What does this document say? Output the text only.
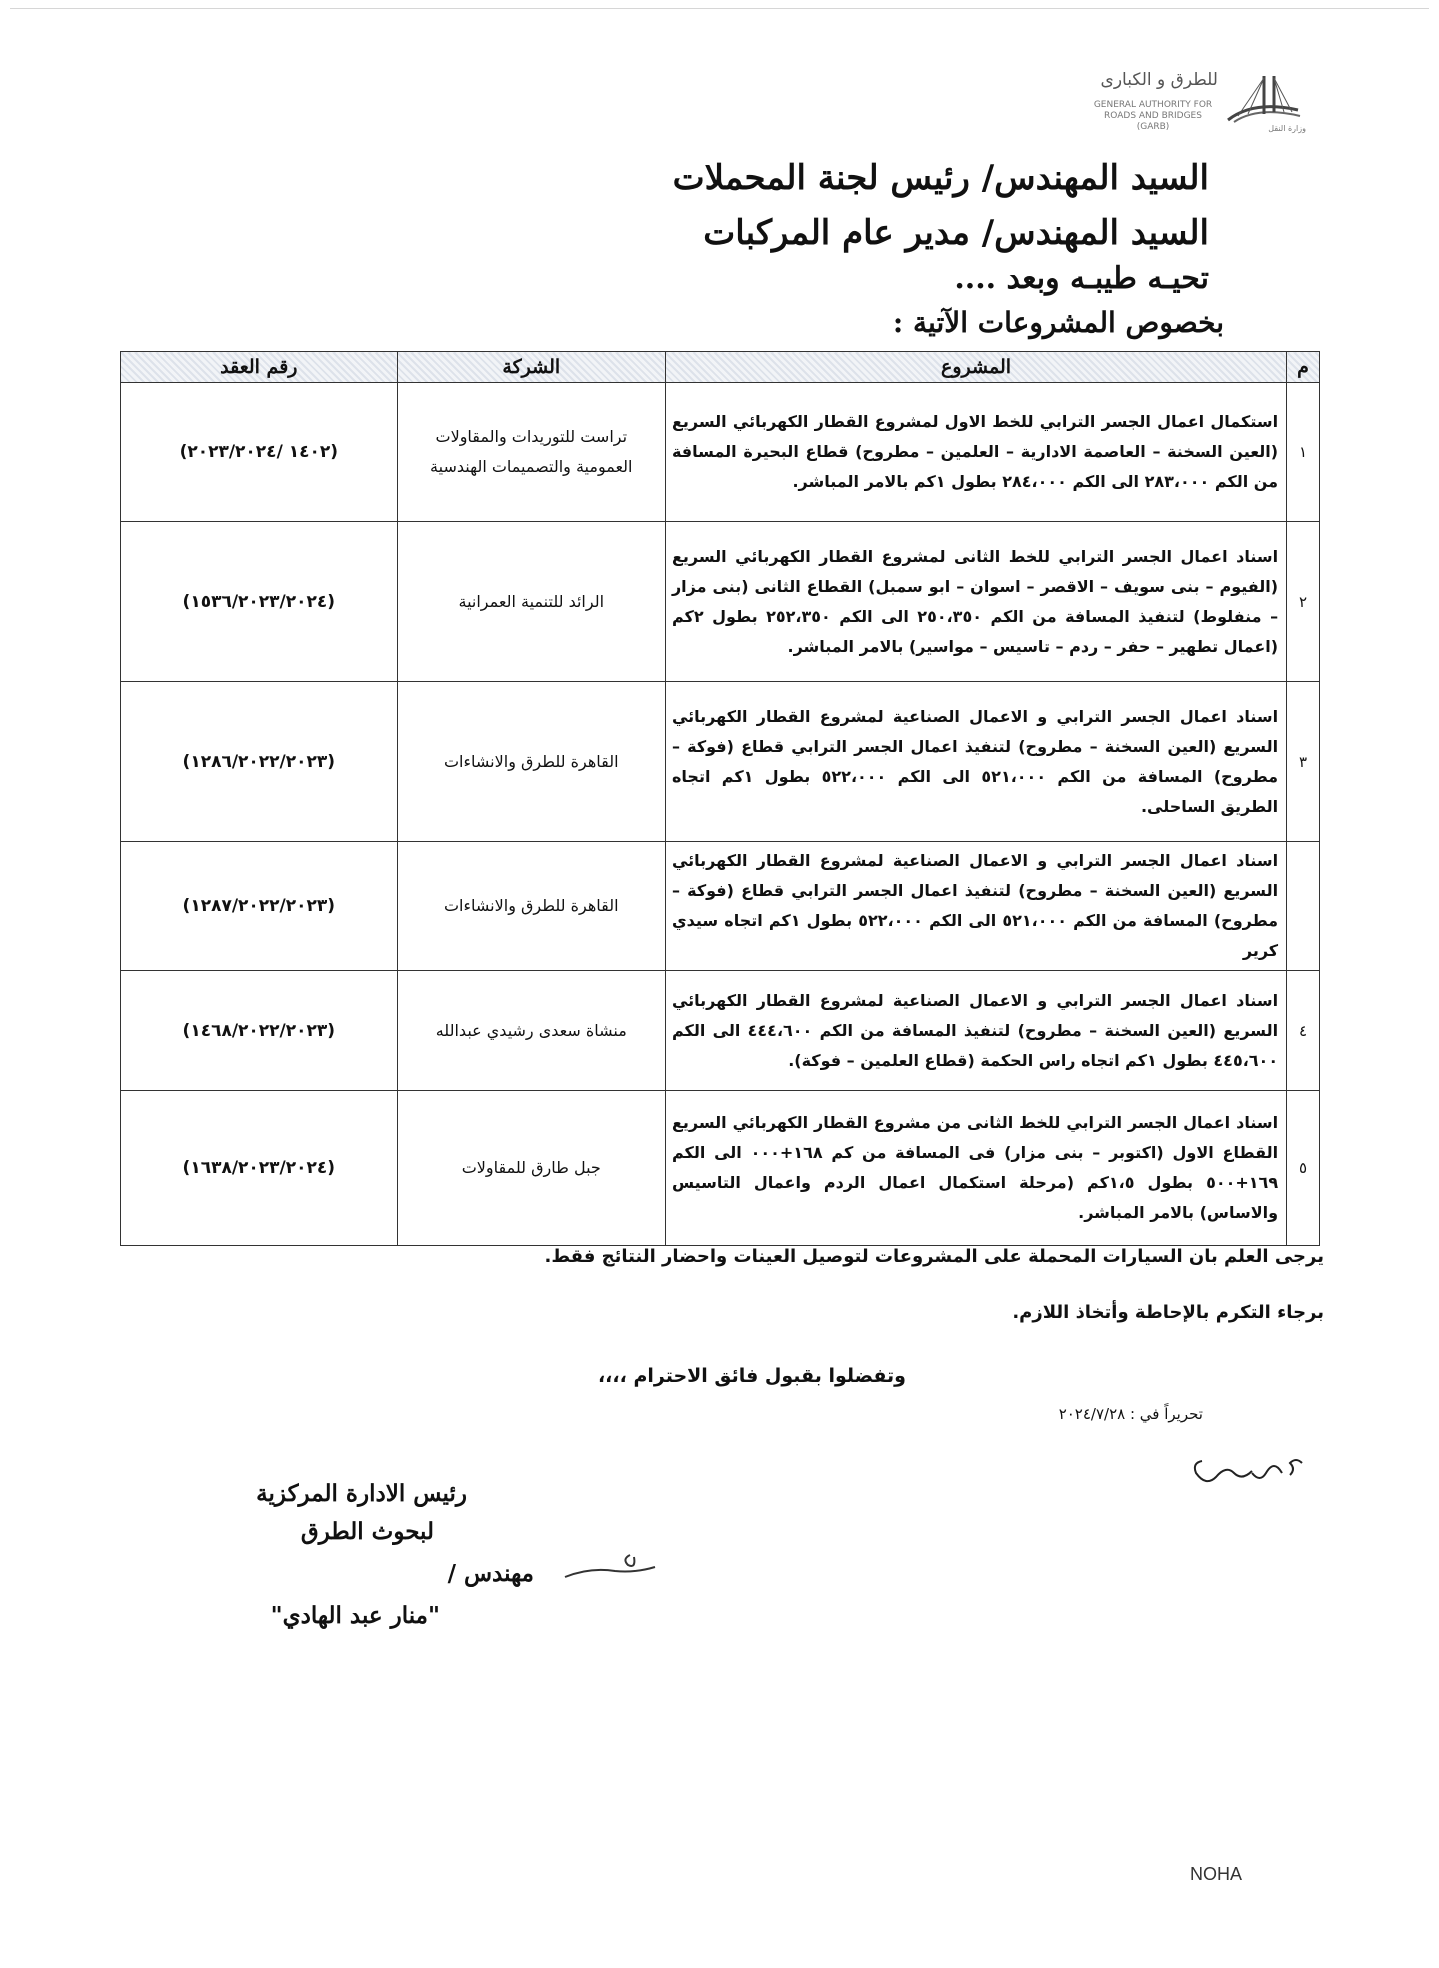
للطرق و الكبارى
GENERAL AUTHORITY FOR ROADS AND BRIDGES (GARB)	وزارة النقل
السيد المهندس/ رئيس لجنة المحملات
السيد المهندس/ مدير عام المركبات
تحيـه طيبـه وبعد ....
بخصوص المشروعات الآتية :
م	المشروع	الشركة	رقم العقد
١	استكمال اعمال الجسر الترابي للخط الاول لمشروع القطار الكهربائي السريع (العين السخنة – العاصمة الادارية – العلمين – مطروح) قطاع البحيرة المسافة من الكم ٢٨٣،٠٠٠ الى الكم ٢٨٤،٠٠٠ بطول ١كم بالامر المباشر.	تراست للتوريدات والمقاولات العمومية والتصميمات الهندسية	(١٤٠٢ /٢٠٢٣/٢٠٢٤)

٢	اسناد اعمال الجسر الترابي للخط الثانى لمشروع القطار الكهربائي السريع (الفيوم – بنى سويف – الاقصر – اسوان – ابو سمبل) القطاع الثانى (بنى مزار – منفلوط) لتنفيذ المسافة من الكم ٢٥٠،٣٥٠ الى الكم ٢٥٢،٣٥٠ بطول ٢كم (اعمال تطهير – حفر – ردم – تاسيس – مواسير) بالامر المباشر.	الرائد للتنمية العمرانية	(١٥٣٦/٢٠٢٣/٢٠٢٤)

٣	اسناد اعمال الجسر الترابي و الاعمال الصناعية لمشروع القطار الكهربائي السريع (العين السخنة – مطروح) لتنفيذ اعمال الجسر الترابي قطاع (فوكة – مطروح) المسافة من الكم ٥٢١،٠٠٠ الى الكم ٥٢٢،٠٠٠ بطول ١كم اتجاه الطريق الساحلى.	القاهرة للطرق والانشاءات	(١٢٨٦/٢٠٢٢/٢٠٢٣)

	اسناد اعمال الجسر الترابي و الاعمال الصناعية لمشروع القطار الكهربائي السريع (العين السخنة – مطروح) لتنفيذ اعمال الجسر الترابي قطاع (فوكة – مطروح) المسافة من الكم ٥٢١،٠٠٠ الى الكم ٥٢٢،٠٠٠ بطول ١كم اتجاه سيدي كرير	القاهرة للطرق والانشاءات	(١٢٨٧/٢٠٢٢/٢٠٢٣)

٤	اسناد اعمال الجسر الترابي و الاعمال الصناعية لمشروع القطار الكهربائي السريع (العين السخنة – مطروح) لتنفيذ المسافة من الكم ٤٤٤،٦٠٠ الى الكم ٤٤٥،٦٠٠ بطول ١كم اتجاه راس الحكمة (قطاع العلمين – فوكة).	منشاة سعدى رشيدي عبدالله	(١٤٦٨/٢٠٢٢/٢٠٢٣)

٥	اسناد اعمال الجسر الترابي للخط الثانى من مشروع القطار الكهربائي السريع القطاع الاول (اكتوبر – بنى مزار) فى المسافة من كم ١٦٨+٠٠٠ الى الكم ١٦٩+٥٠٠ بطول ١،٥كم (مرحلة استكمال اعمال الردم واعمال التاسيس والاساس) بالامر المباشر.	جبل طارق للمقاولات	(١٦٣٨/٢٠٢٣/٢٠٢٤)
يرجى العلم بان السيارات المحملة على المشروعات لتوصيل العينات واحضار النتائج فقط.
برجاء التكرم بالإحاطة وأتخاذ اللازم.
وتفضلوا بقبول فائق الاحترام ،،،،
تحريراً في : ٢٠٢٤/٧/٢٨
رئيس الادارة المركزية
لبحوث الطرق
مهندس /
"منار عبد الهادي"
NOHA
